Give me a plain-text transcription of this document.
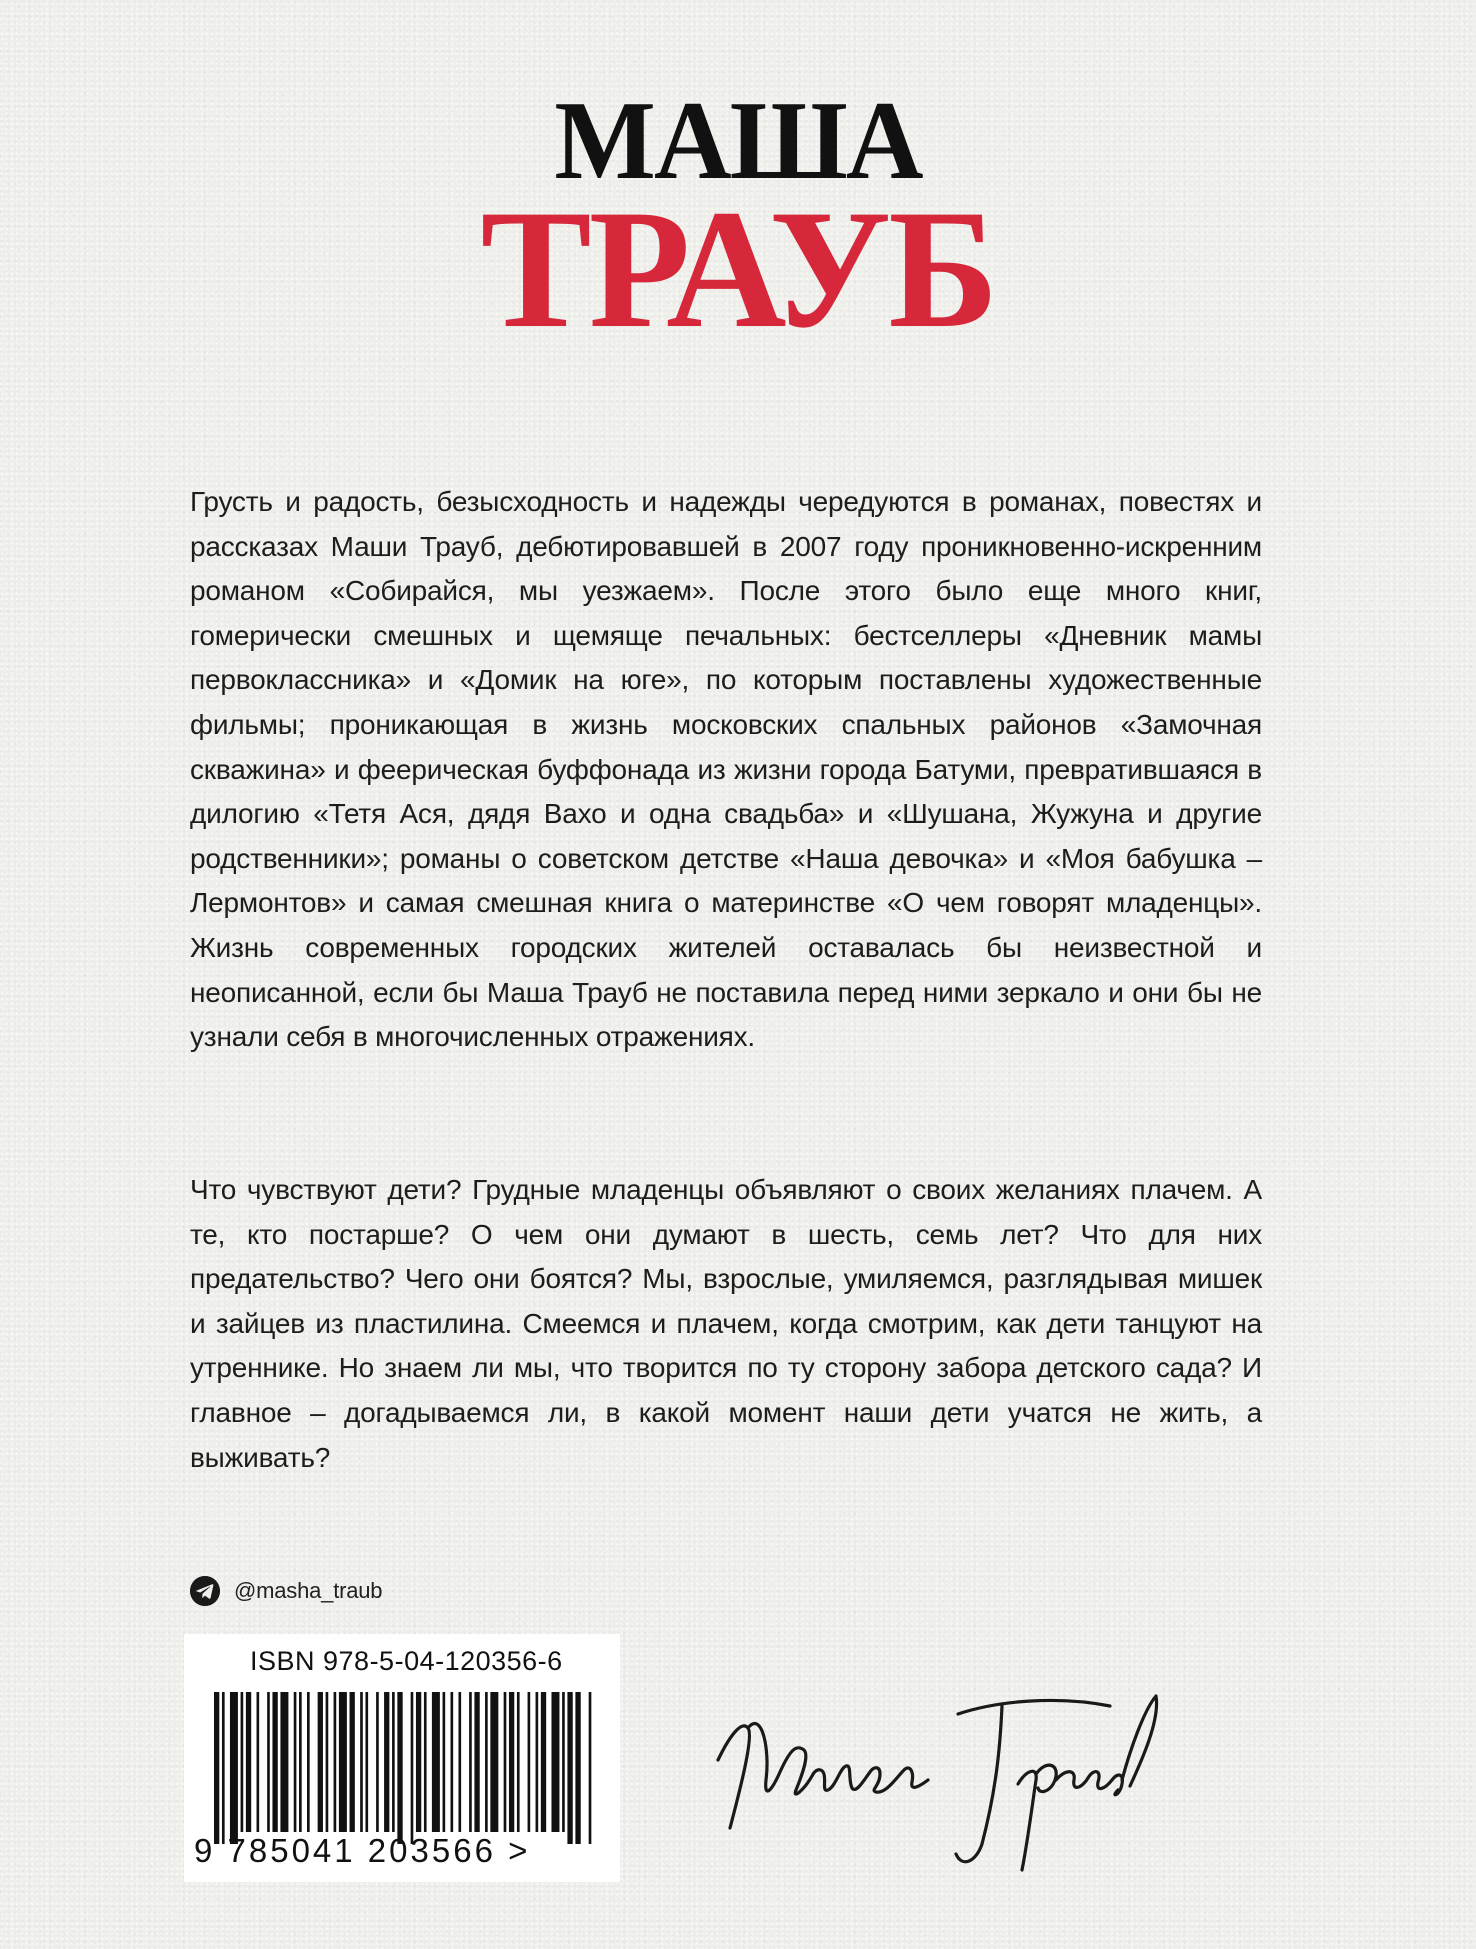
МАША
ТРАУБ

Грусть и радость, безысходность и надежды чередуются в романах, повестях и рассказах Маши Трауб, дебютировавшей в 2007 году проникновенно-искренним романом «Собирайся, мы уезжаем». После этого было еще много книг, гомерически смешных и щемяще печальных: бестселлеры «Дневник мамы первоклассника» и «Домик на юге», по которым поставлены художественные фильмы; проникающая в жизнь московских спальных районов «Замочная скважина» и феерическая буффонада из жизни города Батуми, превратившаяся в дилогию «Тетя Ася, дядя Вахо и одна свадьба» и «Шушана, Жужуна и другие родственники»; романы о советском детстве «Наша девочка» и «Моя бабушка – Лермонтов» и самая смешная книга о материнстве «О чем говорят младенцы». Жизнь современных городских жителей оставалась бы неизвестной и неописанной, если бы Маша Трауб не поставила перед ними зеркало и они бы не узнали себя в многочисленных отражениях.

Что чувствуют дети? Грудные младенцы объявляют о своих желаниях плачем. А те, кто постарше? О чем они думают в шесть, семь лет? Что для них предательство? Чего они боятся? Мы, взрослые, умиляемся, разглядывая мишек и зайцев из пластилина. Смеемся и плачем, когда смотрим, как дети танцуют на утреннике. Но знаем ли мы, что творится по ту сторону забора детского сада? И главное – догадываемся ли, в какой момент наши дети учатся не жить, а выживать?

@masha_traub
ISBN 978-5-04-120356-6
9 785041 203566 >
